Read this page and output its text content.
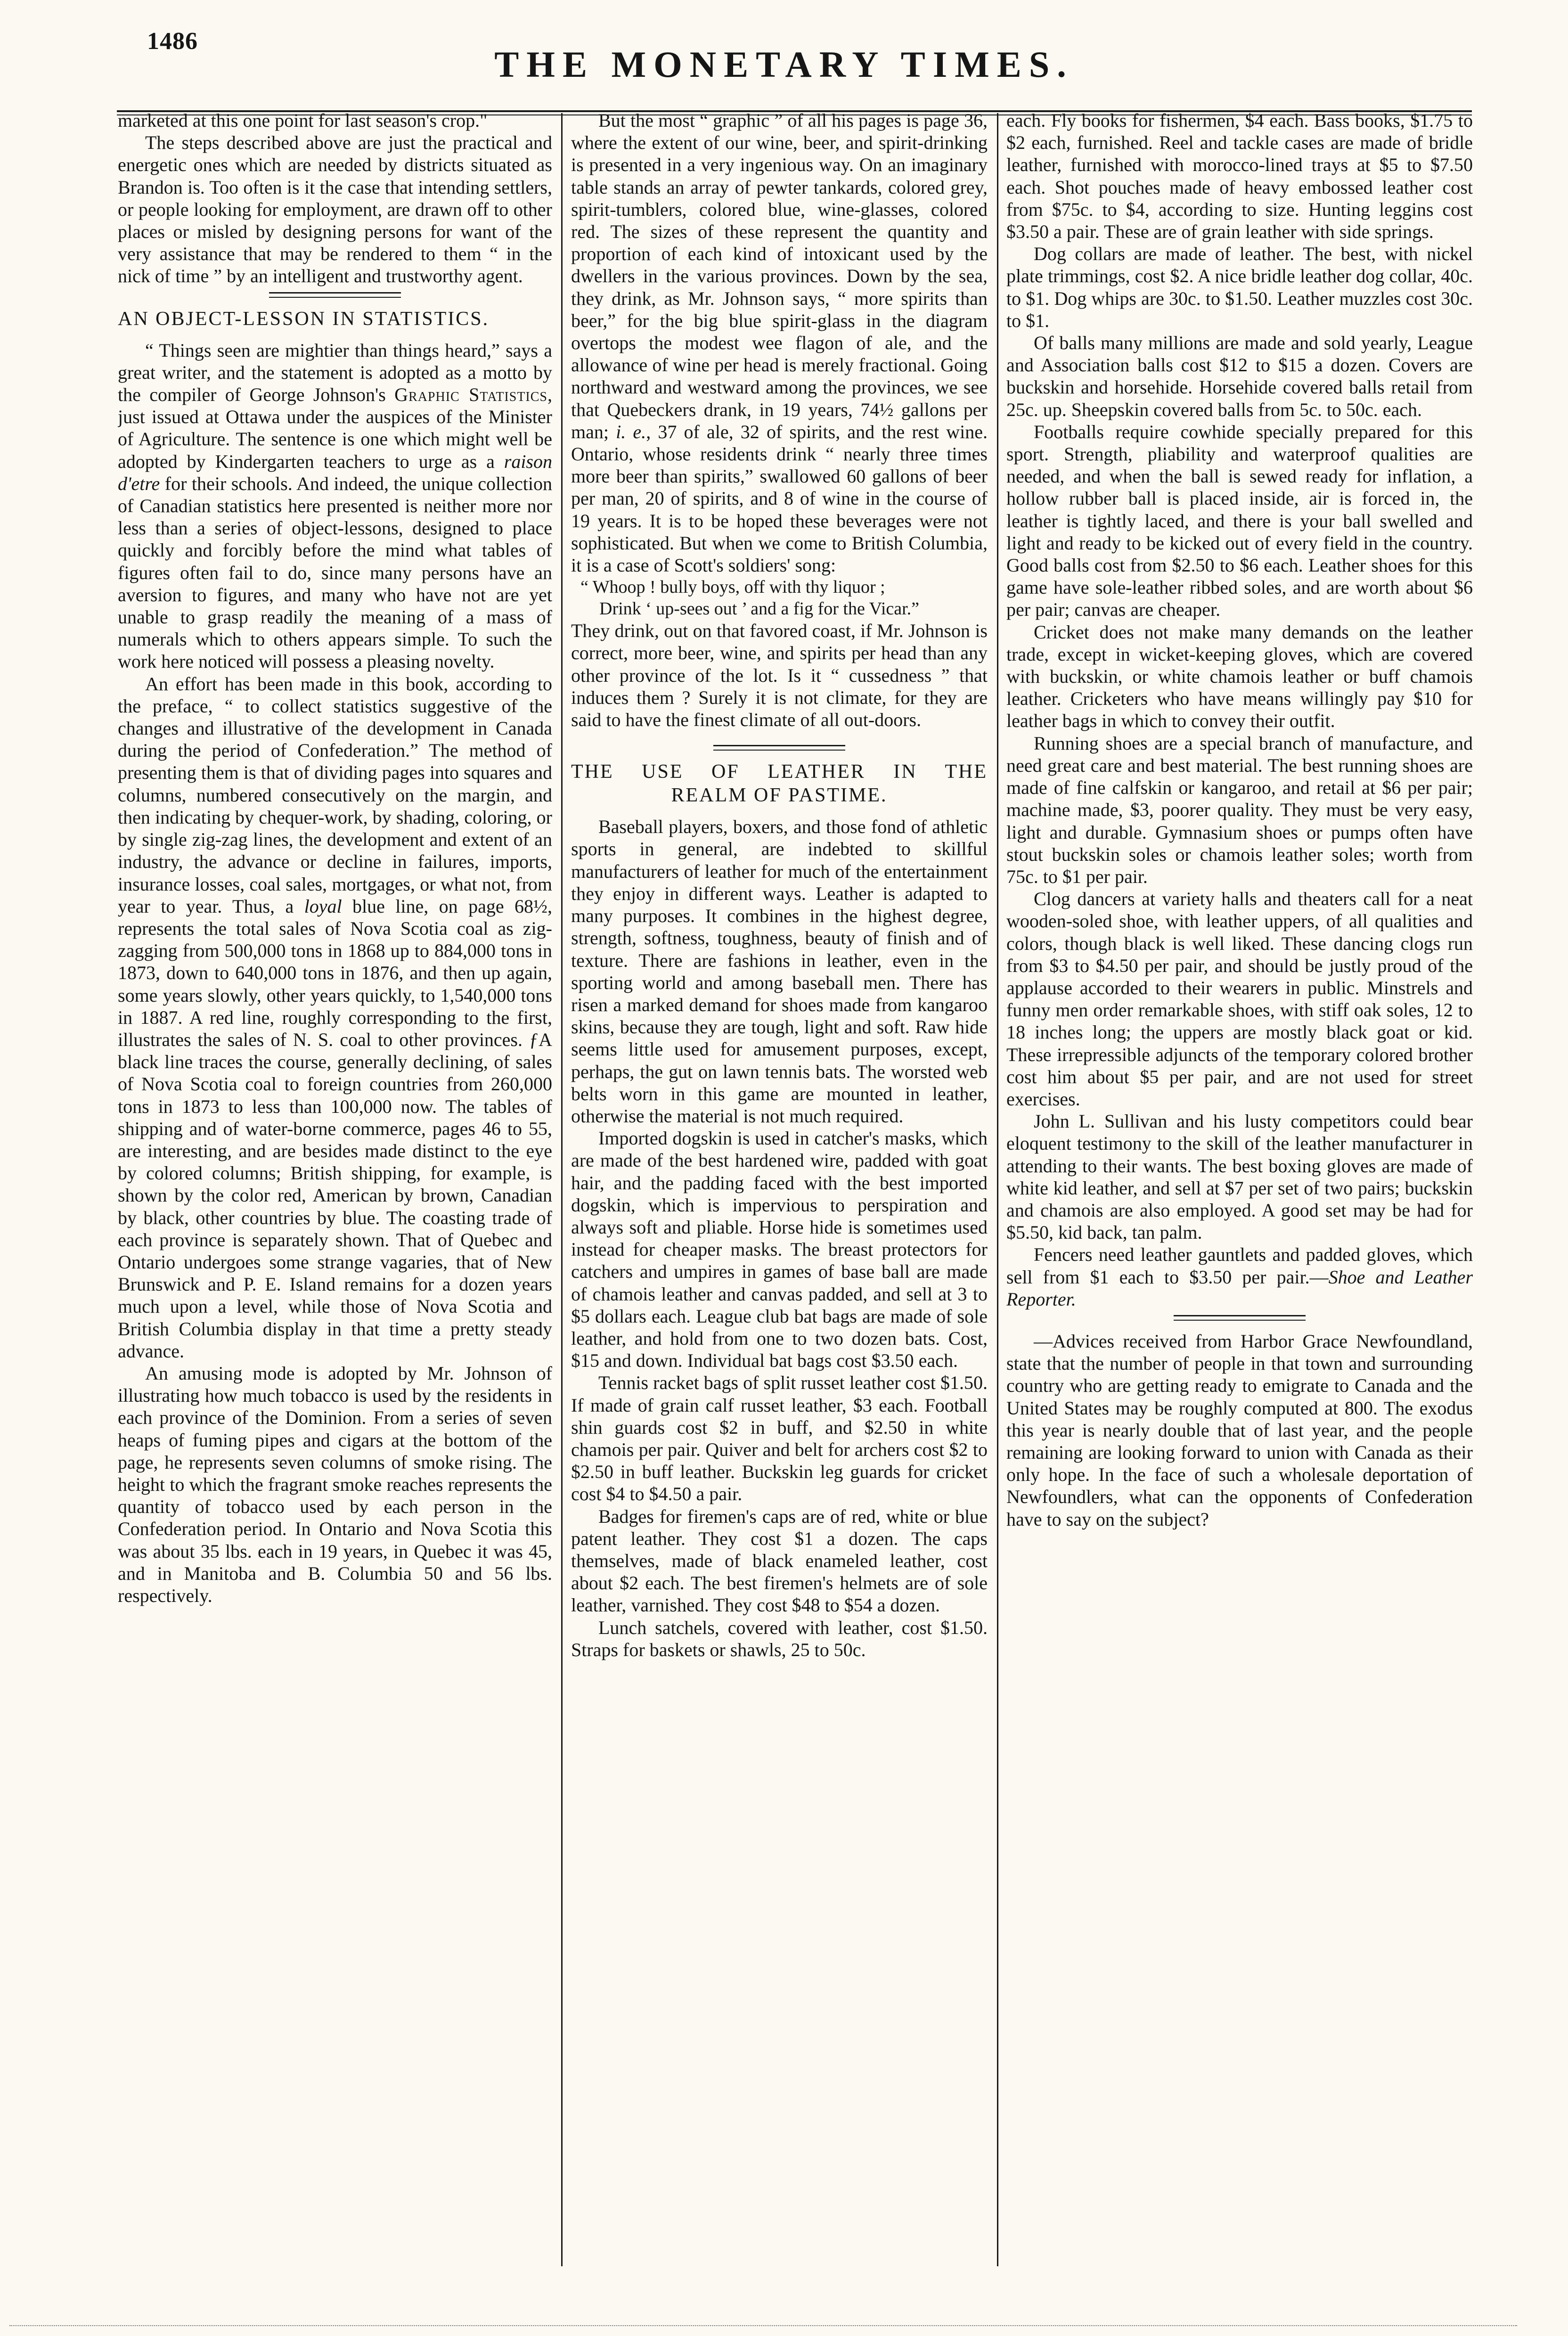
1486
THE MONETARY TIMES.

marketed at this one point for last season's crop."

The steps described above are just the practical and energetic ones which are needed by districts situated as Brandon is. Too often is it the case that intending settlers, or people looking for employment, are drawn off to other places or misled by designing persons for want of the very assistance that may be rendered to them “ in the nick of time ” by an intelligent and trustworthy agent.

AN OBJECT-LESSON IN STATISTICS.

“ Things seen are mightier than things heard,” says a great writer, and the statement is adopted as a motto by the compiler of George Johnson's Graphic Statistics, just issued at Ottawa under the auspices of the Minister of Agriculture. The sentence is one which might well be adopted by Kindergarten teachers to urge as a raison d'etre for their schools. And indeed, the unique collection of Canadian statistics here presented is neither more nor less than a series of object-lessons, designed to place quickly and forcibly before the mind what tables of figures often fail to do, since many persons have an aversion to figures, and many who have not are yet unable to grasp readily the meaning of a mass of numerals which to others appears simple. To such the work here noticed will possess a pleasing novelty.

An effort has been made in this book, according to the preface, “ to collect statistics suggestive of the changes and illustrative of the development in Canada during the period of Confederation.” The method of presenting them is that of dividing pages into squares and columns, numbered consecutively on the margin, and then indicating by chequer-work, by shading, coloring, or by single zig-zag lines, the development and extent of an industry, the advance or decline in failures, imports, insurance losses, coal sales, mortgages, or what not, from year to year. Thus, a loyal blue line, on page 68½, represents the total sales of Nova Scotia coal as zig-zagging from 500,000 tons in 1868 up to 884,000 tons in 1873, down to 640,000 tons in 1876, and then up again, some years slowly, other years quickly, to 1,540,000 tons in 1887. A red line, roughly corresponding to the first, illustrates the sales of N. S. coal to other provinces. ƒA black line traces the course, generally declining, of sales of Nova Scotia coal to foreign countries from 260,000 tons in 1873 to less than 100,000 now. The tables of shipping and of water-borne commerce, pages 46 to 55, are interesting, and are besides made distinct to the eye by colored columns; British shipping, for example, is shown by the color red, American by brown, Canadian by black, other countries by blue. The coasting trade of each province is separately shown. That of Quebec and Ontario undergoes some strange vagaries, that of New Brunswick and P. E. Island remains for a dozen years much upon a level, while those of Nova Scotia and British Columbia display in that time a pretty steady advance.

An amusing mode is adopted by Mr. Johnson of illustrating how much tobacco is used by the residents in each province of the Dominion. From a series of seven heaps of fuming pipes and cigars at the bottom of the page, he represents seven columns of smoke rising. The height to which the fragrant smoke reaches represents the quantity of tobacco used by each person in the Confederation period. In Ontario and Nova Scotia this was about 35 lbs. each in 19 years, in Quebec it was 45, and in Manitoba and B. Columbia 50 and 56 lbs. respectively.

But the most “ graphic ” of all his pages is page 36, where the extent of our wine, beer, and spirit-drinking is presented in a very ingenious way. On an imaginary table stands an array of pewter tankards, colored grey, spirit-tumblers, colored blue, wine-glasses, colored red. The sizes of these represent the quantity and proportion of each kind of intoxicant used by the dwellers in the various provinces. Down by the sea, they drink, as Mr. Johnson says, “ more spirits than beer,” for the big blue spirit-glass in the diagram overtops the modest wee flagon of ale, and the allowance of wine per head is merely fractional. Going northward and westward among the provinces, we see that Quebeckers drank, in 19 years, 74½ gallons per man; i. e., 37 of ale, 32 of spirits, and the rest wine. Ontario, whose residents drink “ nearly three times more beer than spirits,” swallowed 60 gallons of beer per man, 20 of spirits, and 8 of wine in the course of 19 years. It is to be hoped these beverages were not sophisticated. But when we come to British Columbia, it is a case of Scott's soldiers' song:

“ Whoop ! bully boys, off with thy liquor ;
Drink ‘ up-sees out ’ and a fig for the Vicar.”

They drink, out on that favored coast, if Mr. Johnson is correct, more beer, wine, and spirits per head than any other province of the lot. Is it “ cussedness ” that induces them ? Surely it is not climate, for they are said to have the finest climate of all out-doors.

THE USE OF LEATHER IN THE
REALM OF PASTIME.

Baseball players, boxers, and those fond of athletic sports in general, are indebted to skillful manufacturers of leather for much of the entertainment they enjoy in different ways. Leather is adapted to many purposes. It combines in the highest degree, strength, softness, toughness, beauty of finish and of texture. There are fashions in leather, even in the sporting world and among baseball men. There has risen a marked demand for shoes made from kangaroo skins, because they are tough, light and soft. Raw hide seems little used for amusement purposes, except, perhaps, the gut on lawn tennis bats. The worsted web belts worn in this game are mounted in leather, otherwise the material is not much required.

Imported dogskin is used in catcher's masks, which are made of the best hardened wire, padded with goat hair, and the padding faced with the best imported dogskin, which is impervious to perspiration and always soft and pliable. Horse hide is sometimes used instead for cheaper masks. The breast protectors for catchers and umpires in games of base ball are made of chamois leather and canvas padded, and sell at 3 to $5 dollars each. League club bat bags are made of sole leather, and hold from one to two dozen bats. Cost, $15 and down. Individual bat bags cost $3.50 each.

Tennis racket bags of split russet leather cost $1.50. If made of grain calf russet leather, $3 each. Football shin guards cost $2 in buff, and $2.50 in white chamois per pair. Quiver and belt for archers cost $2 to $2.50 in buff leather. Buckskin leg guards for cricket cost $4 to $4.50 a pair.

Badges for firemen's caps are of red, white or blue patent leather. They cost $1 a dozen. The caps themselves, made of black enameled leather, cost about $2 each. The best firemen's helmets are of sole leather, varnished. They cost $48 to $54 a dozen.

Lunch satchels, covered with leather, cost $1.50. Straps for baskets or shawls, 25 to 50c.

each. Fly books for fishermen, $4 each. Bass books, $1.75 to $2 each, furnished. Reel and tackle cases are made of bridle leather, furnished with morocco-lined trays at $5 to $7.50 each. Shot pouches made of heavy embossed leather cost from $75c. to $4, according to size. Hunting leggins cost $3.50 a pair. These are of grain leather with side springs.

Dog collars are made of leather. The best, with nickel plate trimmings, cost $2. A nice bridle leather dog collar, 40c. to $1. Dog whips are 30c. to $1.50. Leather muzzles cost 30c. to $1.

Of balls many millions are made and sold yearly, League and Association balls cost $12 to $15 a dozen. Covers are buckskin and horsehide. Horsehide covered balls retail from 25c. up. Sheepskin covered balls from 5c. to 50c. each.

Footballs require cowhide specially prepared for this sport. Strength, pliability and waterproof qualities are needed, and when the ball is sewed ready for inflation, a hollow rubber ball is placed inside, air is forced in, the leather is tightly laced, and there is your ball swelled and light and ready to be kicked out of every field in the country. Good balls cost from $2.50 to $6 each. Leather shoes for this game have sole-leather ribbed soles, and are worth about $6 per pair; canvas are cheaper.

Cricket does not make many demands on the leather trade, except in wicket-keeping gloves, which are covered with buckskin, or white chamois leather or buff chamois leather. Cricketers who have means willingly pay $10 for leather bags in which to convey their outfit.

Running shoes are a special branch of manufacture, and need great care and best material. The best running shoes are made of fine calfskin or kangaroo, and retail at $6 per pair; machine made, $3, poorer quality. They must be very easy, light and durable. Gymnasium shoes or pumps often have stout buckskin soles or chamois leather soles; worth from 75c. to $1 per pair.

Clog dancers at variety halls and theaters call for a neat wooden-soled shoe, with leather uppers, of all qualities and colors, though black is well liked. These dancing clogs run from $3 to $4.50 per pair, and should be justly proud of the applause accorded to their wearers in public. Minstrels and funny men order remarkable shoes, with stiff oak soles, 12 to 18 inches long; the uppers are mostly black goat or kid. These irrepressible adjuncts of the temporary colored brother cost him about $5 per pair, and are not used for street exercises.

John L. Sullivan and his lusty competitors could bear eloquent testimony to the skill of the leather manufacturer in attending to their wants. The best boxing gloves are made of white kid leather, and sell at $7 per set of two pairs; buckskin and chamois are also employed. A good set may be had for $5.50, kid back, tan palm.

Fencers need leather gauntlets and padded gloves, which sell from $1 each to $3.50 per pair.—Shoe and Leather Reporter.

—Advices received from Harbor Grace Newfoundland, state that the number of people in that town and surrounding country who are getting ready to emigrate to Canada and the United States may be roughly computed at 800. The exodus this year is nearly double that of last year, and the people remaining are looking forward to union with Canada as their only hope. In the face of such a wholesale deportation of Newfoundlers, what can the opponents of Confederation have to say on the subject?
